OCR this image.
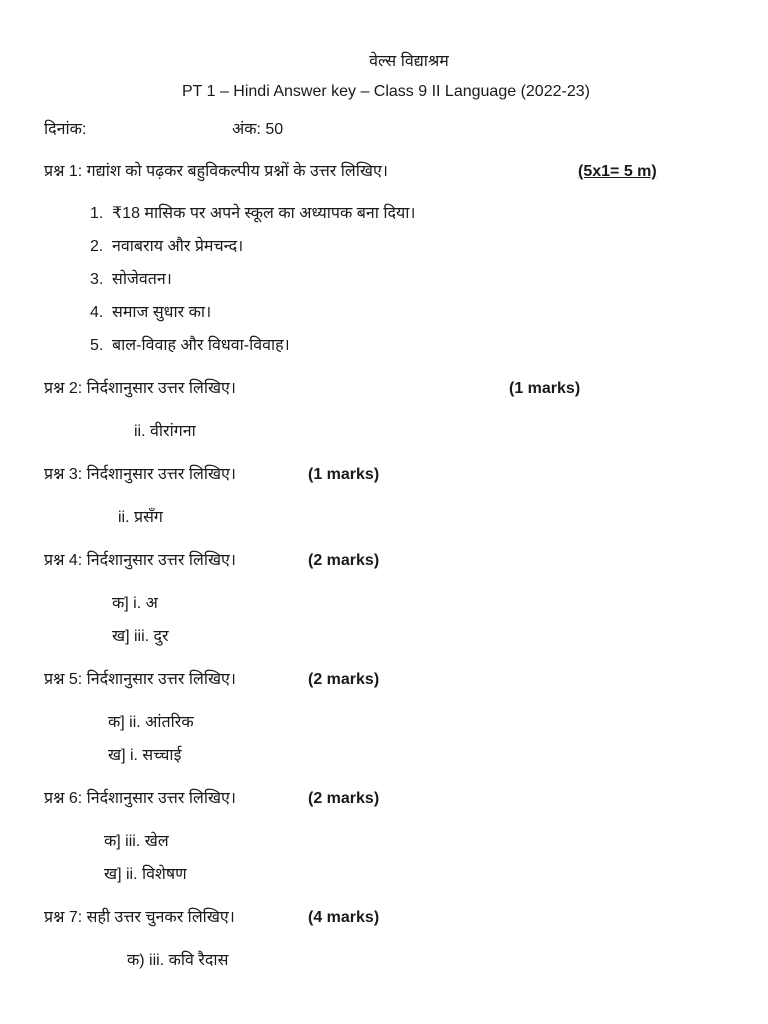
वेल्स विद्याश्रम
PT 1 – Hindi Answer key – Class 9 II Language (2022-23)
दिनांक:	अंक: 50
प्रश्न 1: गद्यांश को पढ़कर बहुविकल्पीय प्रश्नों के उत्तर लिखिए।	(5x1= 5 m)
1. ₹18 मासिक पर अपने स्कूल का अध्यापक बना दिया।
2. नवाबराय और प्रेमचन्द।
3. सोजेवतन।
4. समाज सुधार का।
5. बाल-विवाह और विधवा-विवाह।
प्रश्न 2: निर्दशानुसार उत्तर लिखिए।	(1 marks)
ii. वीरांगना
प्रश्न 3: निर्दशानुसार उत्तर लिखिए।	(1 marks)
ii. प्रसँग
प्रश्न 4: निर्दशानुसार उत्तर लिखिए।	(2 marks)
क] i. अ
ख] iii. दुर
प्रश्न 5: निर्दशानुसार उत्तर लिखिए।	(2 marks)
क] ii. आंतरिक
ख] i. सच्चाई
प्रश्न 6: निर्दशानुसार उत्तर लिखिए।	(2 marks)
क] iii. खेल
ख] ii. विशेषण
प्रश्न 7: सही उत्तर चुनकर लिखिए।	(4 marks)
क) iii. कवि रैदास
